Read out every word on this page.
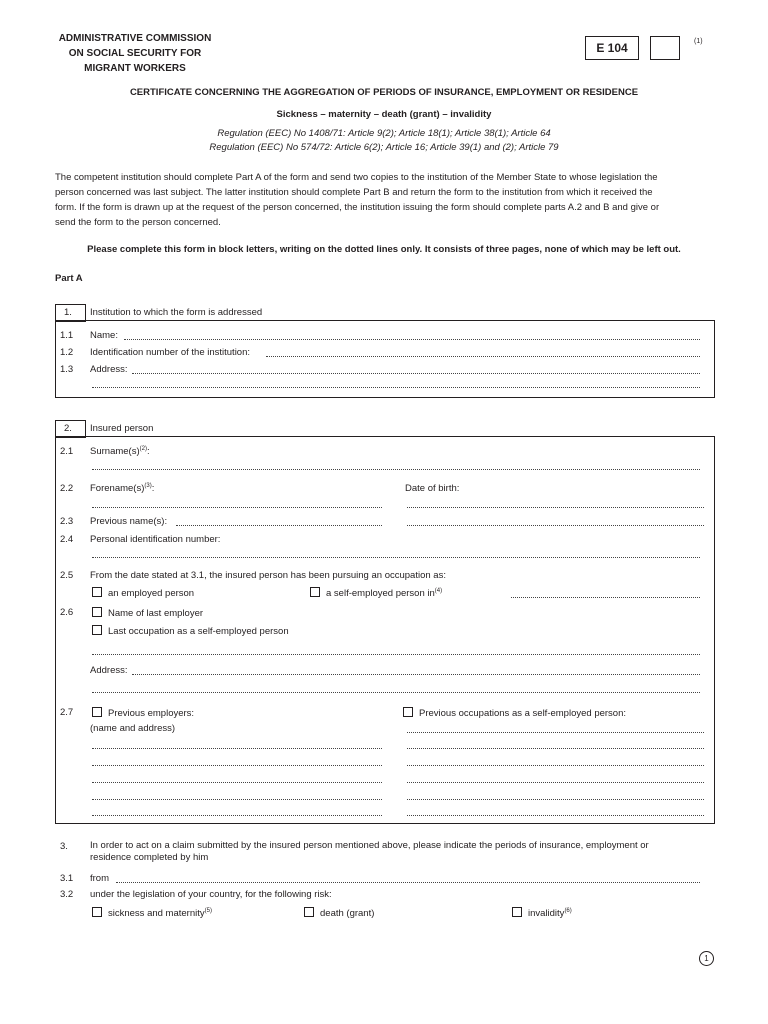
ADMINISTRATIVE COMMISSION
ON SOCIAL SECURITY FOR
MIGRANT WORKERS
E 104	(1)
CERTIFICATE CONCERNING THE AGGREGATION OF PERIODS OF INSURANCE, EMPLOYMENT OR RESIDENCE
Sickness – maternity – death (grant) – invalidity
Regulation (EEC) No 1408/71: Article 9(2); Article 18(1); Article 38(1); Article 64
Regulation (EEC) No 574/72: Article 6(2); Article 16; Article 39(1) and (2); Article 79
The competent institution should complete Part A of the form and send two copies to the institution of the Member State to whose legislation the
person concerned was last subject. The latter institution should complete Part B and return the form to the institution from which it received the
form. If the form is drawn up at the request of the person concerned, the institution issuing the form should complete parts A.2 and B and give or
send the form to the person concerned.
Please complete this form in block letters, writing on the dotted lines only. It consists of three pages, none of which may be left out.
Part A
1. Institution to which the form is addressed
1.1 Name:
1.2 Identification number of the institution:
1.3 Address:
2. Insured person
2.1 $Surname(s)^{(2)}$:
2.2 $Forename(s)^{(3)}$:	Date of birth:
2.3 Previous name(s):
2.4 Personal identification number:
2.5 From the date stated at 3.1, the insured person has been pursuing an occupation as:
an employed person	a self-employed person $in^{(4)}$
2.6	Name of last employer
Last occupation as a self-employed person
Address:
2.7	Previous employers:	Previous occupations as a self-employed person:
(name and address)
3. In order to act on a claim submitted by the insured person mentioned above, please indicate the periods of insurance, employment or
residence completed by him
3.1 from
3.2 under the legislation of your country, for the following risk:
sickness and maternity$^{(5)}$	death (grant)	invalidity$^{(6)}$
1
